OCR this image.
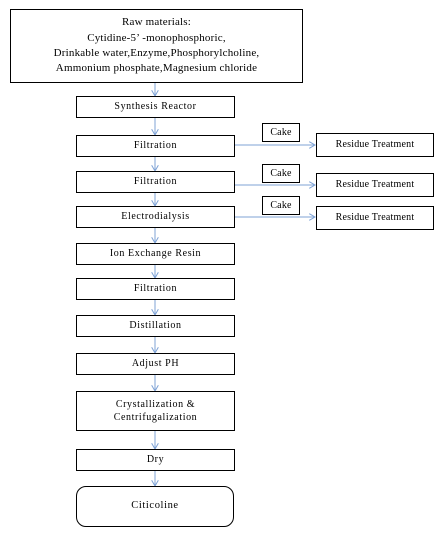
Raw materials:
Cytidine-5’ -monophosphoric,
Drinkable water,Enzyme,Phosphorylcholine,
Ammonium phosphate,Magnesium chloride
Synthesis Reactor
Filtration
Filtration
Electrodialysis
Ion Exchange Resin
Filtration
Distillation
Adjust PH
Crystallization &
Centrifugalization
Dry
Citicoline
Cake
Residue Treatment
Cake
Residue Treatment
Cake
Residue Treatment
